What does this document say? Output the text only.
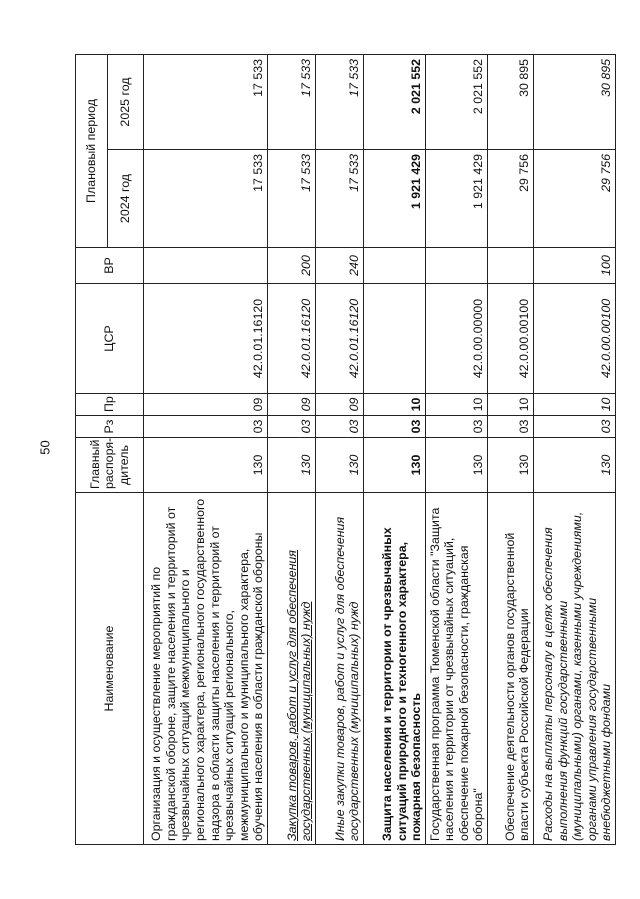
50
Наименование	Главный распоря-дитель	Рз	Пр	ЦСР	ВР	Плановый период	
						2024 год	2025 год
Организация и осуществление мероприятий по гражданской обороне, защите населения и территорий от чрезвычайных ситуаций межмуниципального и регионального характера, регионального государственного надзора в области защиты населения и территорий от чрезвычайных ситуаций регионального, межмуниципального и муниципального характера, обучения населения в области гражданской обороны	130	03	09	42.0.01.16120		17 533	17 533
Закупка товаров, работ и услуг для обеспечения государственных (муниципальных) нужд	130	03	09	42.0.01.16120	200	17 533	17 533
Иные закупки товаров, работ и услуг для обеспечения государственных (муниципальных) нужд	130	03	09	42.0.01.16120	240	17 533	17 533
Защита населения и территории от чрезвычайных ситуаций природного и техногенного характера, пожарная безопасность	130	03	10			1 921 429	2 021 552
Государственная программа Тюменской области "Защита населения и территории от чрезвычайных ситуаций, обеспечение пожарной безопасности, гражданская оборона"	130	03	10	42.0.00.00000		1 921 429	2 021 552
Обеспечение деятельности органов государственной власти субъекта Российской Федерации	130	03	10	42.0.00.00100		29 756	30 895
Расходы на выплаты персоналу в целях обеспечения выполнения функций государственными (муниципальными) органами, казенными учреждениями, органами управления государственными внебюджетными фондами	130	03	10	42.0.00.00100	100	29 756	30 895
